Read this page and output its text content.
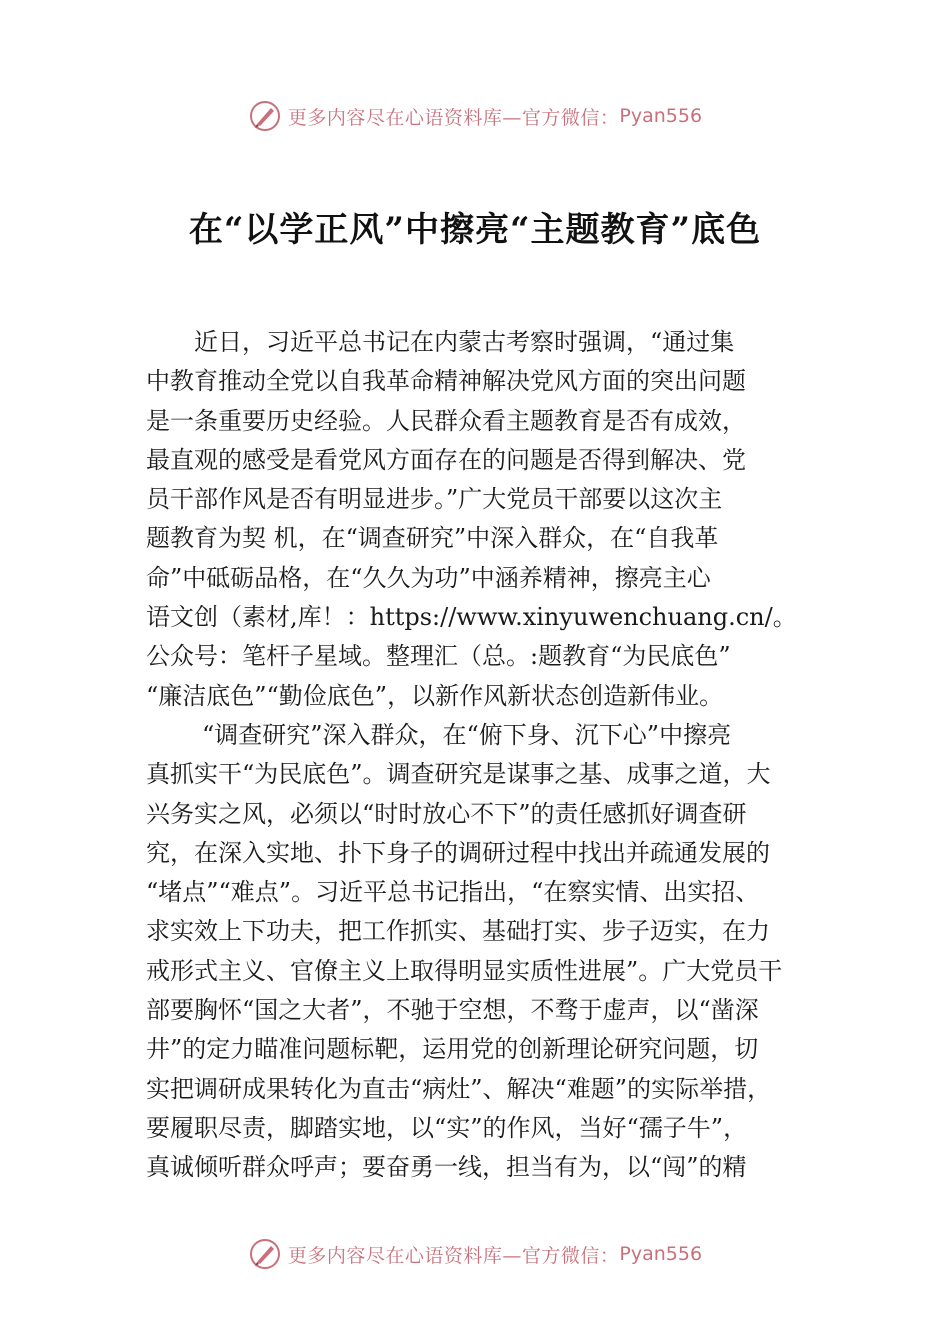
更多内容尽在心语资料库—官方微信： Pyan556
在“以学正风”中擦亮“主题教育”底色
近日，习近平总书记在内蒙古考察时强调，“通过集
中教育推动全党以自我革命精神解决党风方面的突出问题
是一条重要历史经验。人民群众看主题教育是否有成效，
最直观的感受是看党风方面存在的问题是否得到解决、党
员干部作风是否有明显进步。”广大党员干部要以这次主
题教育为契 机，在“调查研究”中深入群众，在“自我革
命”中砥砺品格，在“久久为功”中涵养精神，擦亮主心
语文创（素材,库！：https://www.xinyuwenchuang.cn/。
公众号：笔杆子星域。整理汇（总。:题教育“为民底色”
“廉洁底色”“勤俭底色”，以新作风新状态创造新伟业。
“调查研究”深入群众，在“俯下身、沉下心”中擦亮
真抓实干“为民底色”。调查研究是谋事之基、成事之道，大
兴务实之风，必须以“时时放心不下”的责任感抓好调查研
究，在深入实地、扑下身子的调研过程中找出并疏通发展的
“堵点”“难点”。习近平总书记指出，“在察实情、出实招、
求实效上下功夫，把工作抓实、基础打实、步子迈实，在力
戒形式主义、官僚主义上取得明显实质性进展”。广大党员干
部要胸怀“国之大者”，不驰于空想，不骛于虚声，以“凿深
井”的定力瞄准问题标靶，运用党的创新理论研究问题，切
实把调研成果转化为直击“病灶”、解决“难题”的实际举措，
要履职尽责，脚踏实地，以“实”的作风，当好“孺子牛”，
真诚倾听群众呼声；要奋勇一线，担当有为，以“闯”的精
更多内容尽在心语资料库—官方微信： Pyan556
